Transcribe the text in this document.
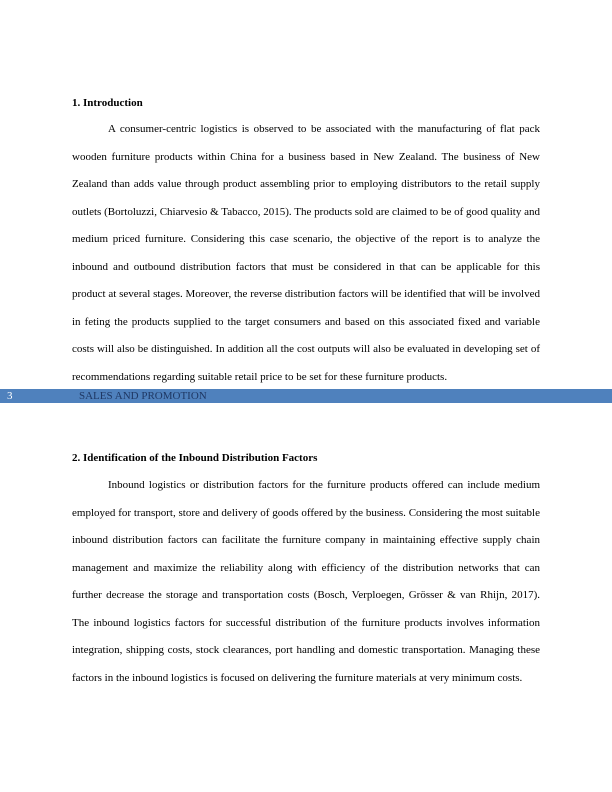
1. Introduction
A consumer-centric logistics is observed to be associated with the manufacturing of flat pack wooden furniture products within China for a business based in New Zealand. The business of New Zealand than adds value through product assembling prior to employing distributors to the retail supply outlets (Bortoluzzi, Chiarvesio & Tabacco, 2015). The products sold are claimed to be of good quality and medium priced furniture. Considering this case scenario, the objective of the report is to analyze the inbound and outbound distribution factors that must be considered in that can be applicable for this product at several stages. Moreover, the reverse distribution factors will be identified that will be involved in feting the products supplied to the target consumers and based on this associated fixed and variable costs will also be distinguished. In addition all the cost outputs will also be evaluated in developing set of recommendations regarding suitable retail price to be set for these furniture products.
3	SALES AND PROMOTION
2. Identification of the Inbound Distribution Factors
Inbound logistics or distribution factors for the furniture products offered can include medium employed for transport, store and delivery of goods offered by the business. Considering the most suitable inbound distribution factors can facilitate the furniture company in maintaining effective supply chain management and maximize the reliability along with efficiency of the distribution networks that can further decrease the storage and transportation costs (Bosch, Verploegen, Grösser & van Rhijn, 2017). The inbound logistics factors for successful distribution of the furniture products involves information integration, shipping costs, stock clearances, port handling and domestic transportation. Managing these factors in the inbound logistics is focused on delivering the furniture materials at very minimum costs.
